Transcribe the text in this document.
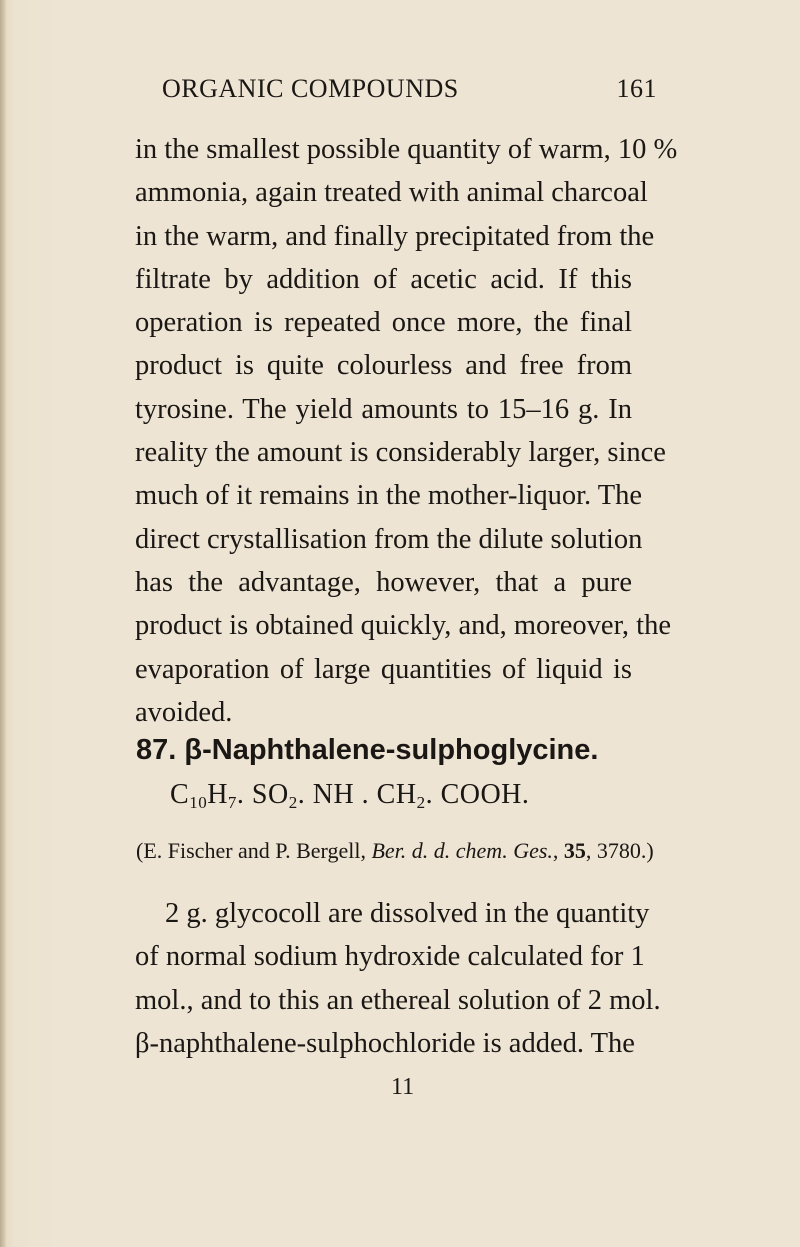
ORGANIC COMPOUNDS	161
in the smallest possible quantity of warm, 10 %
ammonia, again treated with animal charcoal
in the warm, and finally precipitated from the
filtrate by addition of acetic acid. If this
operation is repeated once more, the final
product is quite colourless and free from
tyrosine. The yield amounts to 15–16 g. In
reality the amount is considerably larger, since
much of it remains in the mother-liquor. The
direct crystallisation from the dilute solution
has the advantage, however, that a pure
product is obtained quickly, and, moreover, the
evaporation of large quantities of liquid is
avoided.
87. β-Naphthalene-sulphoglycine.
$C_{10}H_7$. $SO_2$. NH . $CH_2$. COOH.
(E. Fischer and P. Bergell, Ber. d. d. chem. Ges., 35, 3780.)
2 g. glycocoll are dissolved in the quantity
of normal sodium hydroxide calculated for 1
mol., and to this an ethereal solution of 2 mol.
β-naphthalene-sulphochloride is added. The
11
